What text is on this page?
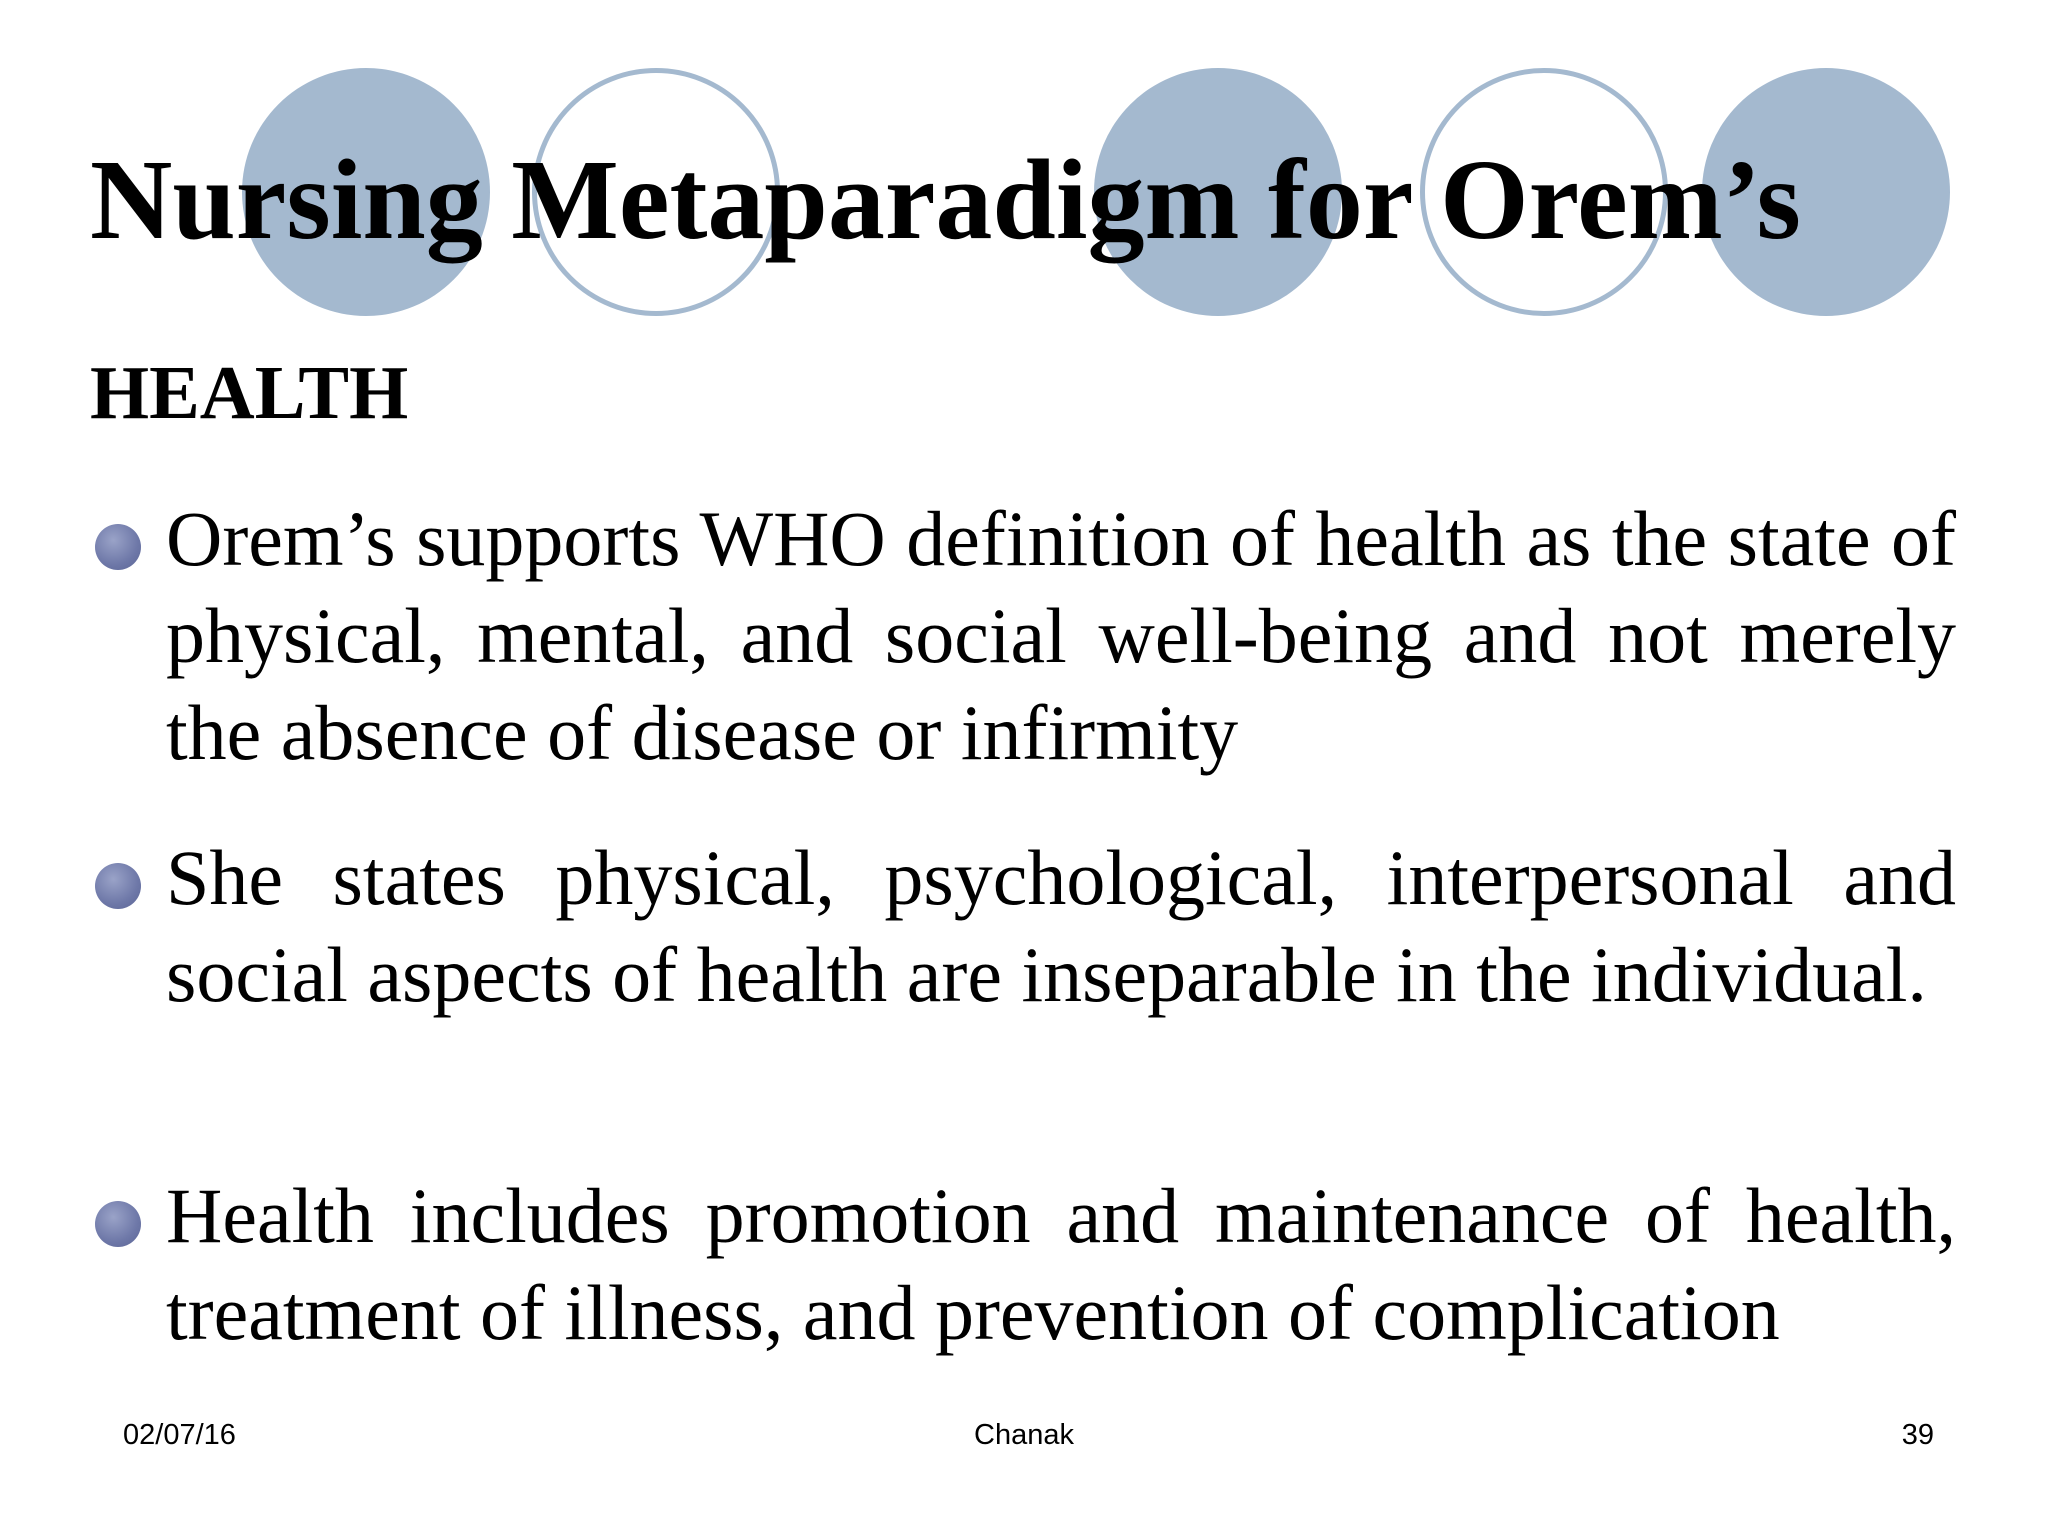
Nursing Metaparadigm for Orem’s
HEALTH
Orem’s supports WHO definition of health as the state of physical, mental, and social well-being and not merely the absence of disease or infirmity
She states physical, psychological, interpersonal and social aspects of health are inseparable in the individual.
Health includes promotion and maintenance of health, treatment of illness, and prevention of complication
02/07/16	Chanak	39
